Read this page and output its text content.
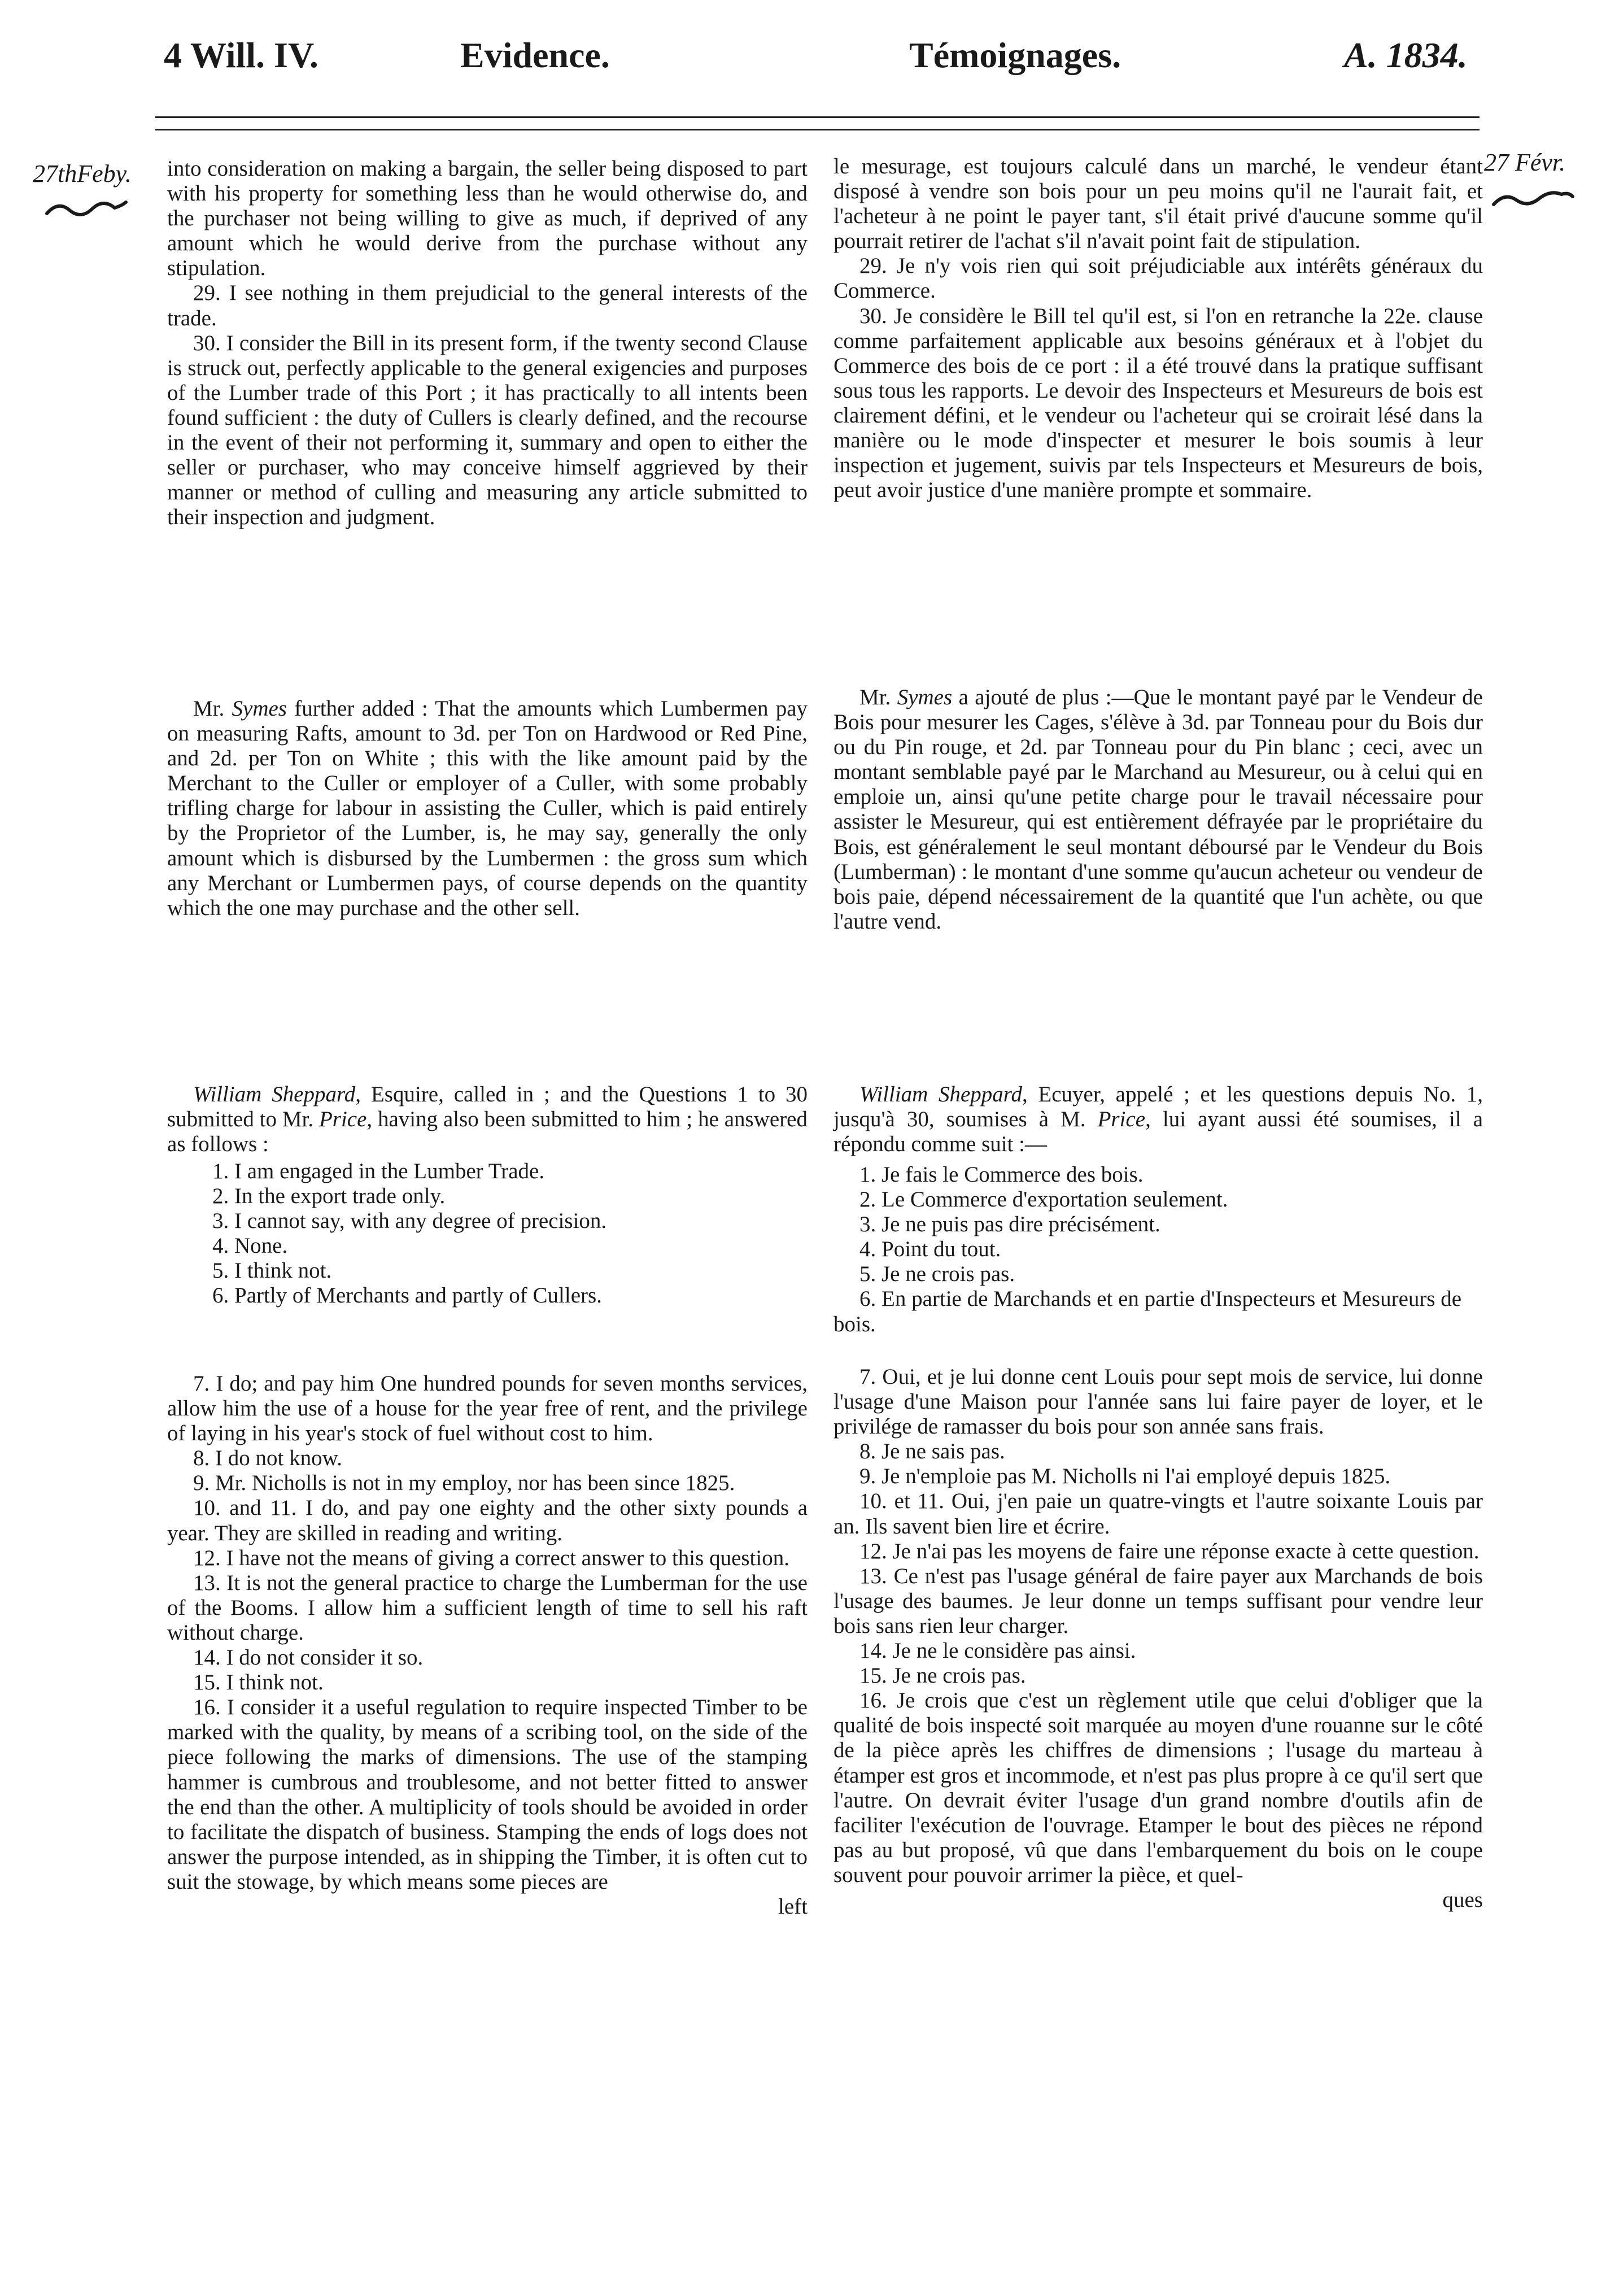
4 Will. IV.	Evidence.	Témoignages.	A. 1834.
27thFeby.	27 Févr.

into consideration on making a bargain, the seller being disposed to part with his property for something less than he would otherwise do, and the purchaser not being willing to give as much, if deprived of any amount which he would derive from the purchase without any stipulation.

29. I see nothing in them prejudicial to the general interests of the trade.

30. I consider the Bill in its present form, if the twenty second Clause is struck out, perfectly applicable to the general exigencies and purposes of the Lumber trade of this Port ; it has practically to all intents been found sufficient : the duty of Cullers is clearly defined, and the recourse in the event of their not performing it, summary and open to either the seller or purchaser, who may conceive himself aggrieved by their manner or method of culling and measuring any article submitted to their inspection and judgment.

Mr. Symes further added : That the amounts which Lumbermen pay on measuring Rafts, amount to 3d. per Ton on Hardwood or Red Pine, and 2d. per Ton on White ; this with the like amount paid by the Merchant to the Culler or employer of a Culler, with some probably trifling charge for labour in assisting the Culler, which is paid entirely by the Proprietor of the Lumber, is, he may say, generally the only amount which is disbursed by the Lumbermen : the gross sum which any Merchant or Lumbermen pays, of course depends on the quantity which the one may purchase and the other sell.

William Sheppard, Esquire, called in ; and the Questions 1 to 30 submitted to Mr. Price, having also been submitted to him ; he answered as follows :

1. I am engaged in the Lumber Trade.

2. In the export trade only.

3. I cannot say, with any degree of precision.

4. None.

5. I think not.

6. Partly of Merchants and partly of Cullers.

7. I do; and pay him One hundred pounds for seven months services, allow him the use of a house for the year free of rent, and the privilege of laying in his year's stock of fuel without cost to him.

8. I do not know.

9. Mr. Nicholls is not in my employ, nor has been since 1825.

10. and 11. I do, and pay one eighty and the other sixty pounds a year. They are skilled in reading and writing.

12. I have not the means of giving a correct answer to this question.

13. It is not the general practice to charge the Lumberman for the use of the Booms. I allow him a sufficient length of time to sell his raft without charge.

14. I do not consider it so.

15. I think not.

16. I consider it a useful regulation to require inspected Timber to be marked with the quality, by means of a scribing tool, on the side of the piece following the marks of dimensions. The use of the stamping hammer is cumbrous and troublesome, and not better fitted to answer the end than the other. A multiplicity of tools should be avoided in order to facilitate the dispatch of business. Stamping the ends of logs does not answer the purpose intended, as in shipping the Timber, it is often cut to suit the stowage, by which means some pieces are

left

le mesurage, est toujours calculé dans un marché, le vendeur étant disposé à vendre son bois pour un peu moins qu'il ne l'aurait fait, et l'acheteur à ne point le payer tant, s'il était privé d'aucune somme qu'il pourrait retirer de l'achat s'il n'avait point fait de stipulation.

29. Je n'y vois rien qui soit préjudiciable aux intérêts généraux du Commerce.

30. Je considère le Bill tel qu'il est, si l'on en retranche la 22e. clause comme parfaitement applicable aux besoins généraux et à l'objet du Commerce des bois de ce port : il a été trouvé dans la pratique suffisant sous tous les rapports. Le devoir des Inspecteurs et Mesureurs de bois est clairement défini, et le vendeur ou l'acheteur qui se croirait lésé dans la manière ou le mode d'inspecter et mesurer le bois soumis à leur inspection et jugement, suivis par tels Inspecteurs et Mesureurs de bois, peut avoir justice d'une manière prompte et sommaire.

Mr. Symes a ajouté de plus :—Que le montant payé par le Vendeur de Bois pour mesurer les Cages, s'élève à 3d. par Tonneau pour du Bois dur ou du Pin rouge, et 2d. par Tonneau pour du Pin blanc ; ceci, avec un montant semblable payé par le Marchand au Mesureur, ou à celui qui en emploie un, ainsi qu'une petite charge pour le travail nécessaire pour assister le Mesureur, qui est entièrement défrayée par le propriétaire du Bois, est généralement le seul montant déboursé par le Vendeur du Bois (Lumberman) : le montant d'une somme qu'aucun acheteur ou vendeur de bois paie, dépend nécessairement de la quantité que l'un achète, ou que l'autre vend.

William Sheppard, Ecuyer, appelé ; et les questions depuis No. 1, jusqu'à 30, soumises à M. Price, lui ayant aussi été soumises, il a répondu comme suit :—

1. Je fais le Commerce des bois.

2. Le Commerce d'exportation seulement.

3. Je ne puis pas dire précisément.

4. Point du tout.

5. Je ne crois pas.

6. En partie de Marchands et en partie d'Inspecteurs et Mesureurs de bois.

7. Oui, et je lui donne cent Louis pour sept mois de service, lui donne l'usage d'une Maison pour l'année sans lui faire payer de loyer, et le privilége de ramasser du bois pour son année sans frais.

8. Je ne sais pas.

9. Je n'emploie pas M. Nicholls ni l'ai employé depuis 1825.

10. et 11. Oui, j'en paie un quatre-vingts et l'autre soixante Louis par an. Ils savent bien lire et écrire.

12. Je n'ai pas les moyens de faire une réponse exacte à cette question.

13. Ce n'est pas l'usage général de faire payer aux Marchands de bois l'usage des baumes. Je leur donne un temps suffisant pour vendre leur bois sans rien leur charger.

14. Je ne le considère pas ainsi.

15. Je ne crois pas.

16. Je crois que c'est un règlement utile que celui d'obliger que la qualité de bois inspecté soit marquée au moyen d'une rouanne sur le côté de la pièce après les chiffres de dimensions ; l'usage du marteau à étamper est gros et incommode, et n'est pas plus propre à ce qu'il sert que l'autre. On devrait éviter l'usage d'un grand nombre d'outils afin de faciliter l'exécution de l'ouvrage. Etamper le bout des pièces ne répond pas au but proposé, vû que dans l'embarquement du bois on le coupe souvent pour pouvoir arrimer la pièce, et quel-

ques
